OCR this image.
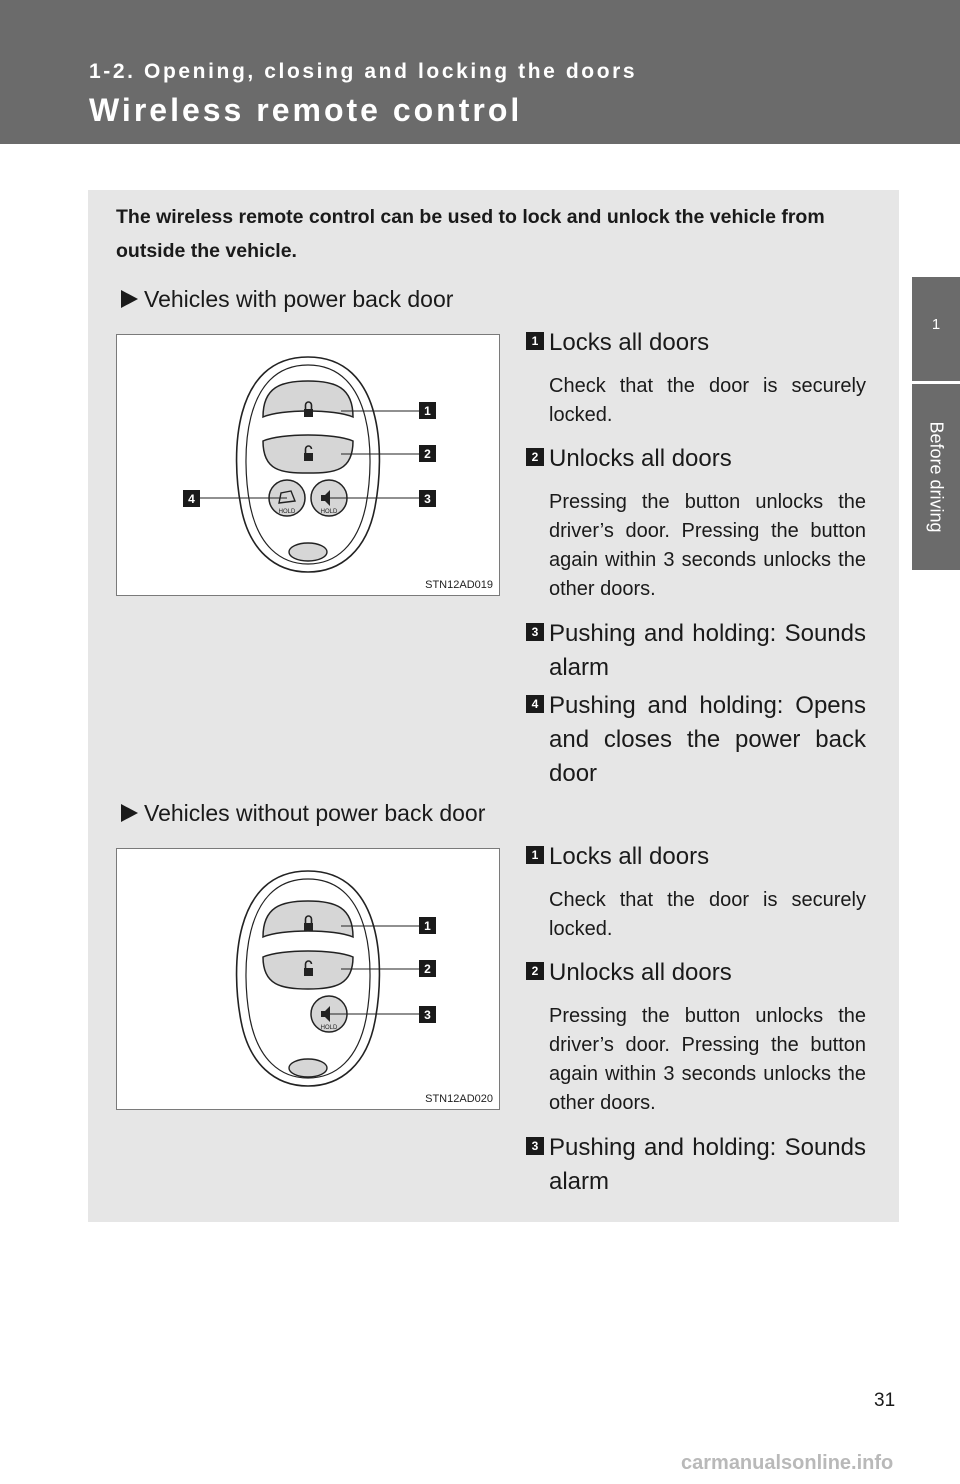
1-2. Opening, closing and locking the doors
Wireless remote control
1
Before driving
The wireless remote control can be used to lock and unlock the vehicle from outside the vehicle.
Vehicles with power back door
HOLD	HOLD
1
2
3
4
STN12AD019
1 Locks all doors
Check that the door is securely locked.
2 Unlocks all doors
Pressing the button unlocks the driver’s door. Pressing the button again within 3 seconds unlocks the other doors.
3 Pushing and holding: Sounds alarm
4 Pushing and holding: Opens and closes the power back door
Vehicles without power back door
HOLD
1
2
3
STN12AD020
1 Locks all doors
Check that the door is securely locked.
2 Unlocks all doors
Pressing the button unlocks the driver’s door. Pressing the button again within 3 seconds unlocks the other doors.
3 Pushing and holding: Sounds alarm
31
carmanualsonline.info
